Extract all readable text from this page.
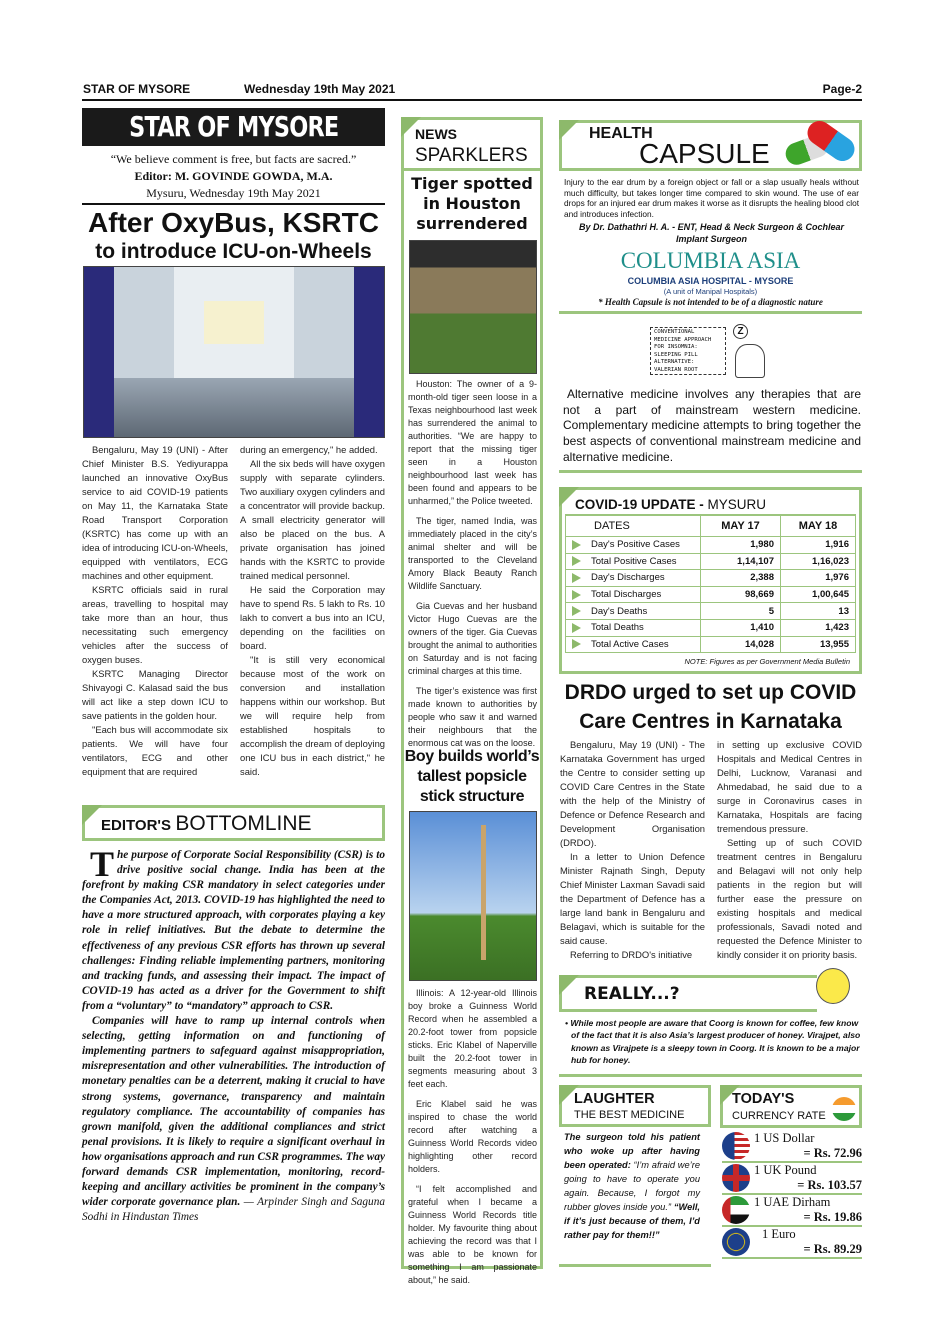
STAR OF MYSORE	Wednesday 19th May 2021	Page-2
STAR OF MYSORE
“We believe comment is free, but facts are sacred.”
Editor: M. GOVINDE GOWDA, M.A.
Mysuru, Wednesday 19th May 2021
After OxyBus, KSRTC
to introduce ICU-on-Wheels

Bengaluru, May 19 (UNI) - After Chief Minister B.S. Yediyurappa launched an innovative OxyBus service to aid COVID-19 patients on May 11, the Karnataka State Road Transport Corporation (KSRTC) has come up with an idea of introducing ICU-on-Wheels, equipped with ventilators, ECG machines and other equipment.

KSRTC officials said in rural areas, travelling to hospital may take more than an hour, thus necessitating such emergency vehicles after the success of oxygen buses.

KSRTC Managing Director Shivayogi C. Kalasad said the bus will act like a step down ICU to save patients in the golden hour.

"Each bus will accommodate six patients. We will have four ventilators, ECG and other equipment that are required

during an emergency," he added.

All the six beds will have oxygen supply with separate cylinders. Two auxiliary oxygen cylinders and a concentrator will provide backup. A small electricity generator will also be placed on the bus. A private organisation has joined hands with the KSRTC to provide trained medical personnel.

He said the Corporation may have to spend Rs. 5 lakh to Rs. 10 lakh to convert a bus into an ICU, depending on the facilities on board.

"It is still very economical because most of the work on conversion and installation happens within our workshop. But we will require help from established hospitals to accomplish the dream of deploying one ICU bus in each district," he said.

EDITOR'S BOTTOMLINE

The purpose of Corporate Social Responsibility (CSR) is to drive positive social change. India has been at the forefront by making CSR mandatory in select categories under the Companies Act, 2013. COVID-19 has highlighted the need to have a more structured approach, with corporates playing a key role in relief initiatives. But the debate to determine the effectiveness of any previous CSR efforts has thrown up several challenges: Finding reliable implementing partners, monitoring and tracking funds, and assessing their impact. The impact of COVID-19 has acted as a driver for the Government to shift from a “voluntary” to “mandatory” approach to CSR.

Companies will have to ramp up internal controls when selecting, getting information on and functioning of implementing partners to safeguard against misappropriation, misrepresentation and other vulnerabilities. The introduction of monetary penalties can be a deterrent, making it crucial to have strong systems, governance, transparency and maintain regulatory compliance. The accountability of companies has grown manifold, given the additional compliances and strict penal provisions. It is likely to require a significant overhaul in how organisations approach and run CSR programmes. The way forward demands CSR implementation, monitoring, record-keeping and ancillary activities be prominent in the company’s wider corporate governance plan. — Arpinder Singh and Saguna Sodhi in Hindustan Times

NEWS
SPARKLERS
Tiger spotted in Houston surrendered

Houston: The owner of a 9-month-old tiger seen loose in a Texas neighbourhood last week has surrendered the animal to authorities. “We are happy to report that the missing tiger seen in a Houston neighbourhood last week has been found and appears to be unharmed,” the Police tweeted.

The tiger, named India, was immediately placed in the city’s animal shelter and will be transported to the Cleveland Amory Black Beauty Ranch Wildlife Sanctuary.

Gia Cuevas and her husband Victor Hugo Cuevas are the owners of the tiger. Gia Cuevas brought the animal to authorities on Saturday and is not facing criminal charges at this time.

The tiger’s existence was first made known to authorities by people who saw it and warned their neighbours that the enormous cat was on the loose.

Boy builds world’s tallest popsicle stick structure

Illinois: A 12-year-old Illinois boy broke a Guinness World Record when he assembled a 20.2-foot tower from popsicle sticks. Eric Klabel of Naperville built the 20.2-foot tower in segments measuring about 3 feet each.

Eric Klabel said he was inspired to chase the world record after watching a Guinness World Records video highlighting other record holders.

“I felt accomplished and grateful when I became a Guinness World Records title holder. My favourite thing about achieving the record was that I was able to be known for something I am passionate about,” he said.

HEALTH
CAPSULE
Injury to the ear drum by a foreign object or fall or a slap usually heals without much difficulty, but takes longer time compared to skin wound. The use of ear drops for an injured ear drum makes it worse as it disrupts the healing blood clot and introduces infection.
By Dr. Dathathri H. A. - ENT, Head & Neck Surgeon & Cochlear Implant Surgeon
COLUMBIA ASIA
COLUMBIA ASIA HOSPITAL - MYSORE
(A unit of Manipal Hospitals)
* Health Capsule is not intended to be of a diagnostic nature
CONVENTIONAL
MEDICINE APPROACH
FOR INSOMNIA:
SLEEPING PILL
ALTERNATIVE:
VALERIAN ROOT
Z
Alternative medicine involves any therapies that are not a part of mainstream western medicine. Complementary medicine attempts to bring together the best aspects of conventional mainstream medicine and alternative medicine.
COVID-19 UPDATE - MYSURU
DATES	MAY 17	MAY 18
Day's Positive Cases	1,980	1,916
Total Positive Cases	1,14,107	1,16,023
Day's Discharges	2,388	1,976
Total Discharges	98,669	1,00,645
Day's Deaths	5	13
Total Deaths	1,410	1,423
Total Active Cases	14,028	13,955
NOTE: Figures as per Government Media Bulletin
DRDO urged to set up COVID Care Centres in Karnataka

Bengaluru, May 19 (UNI) - The Karnataka Government has urged the Centre to consider setting up COVID Care Centres in the State with the help of the Ministry of Defence or Defence Research and Development Organisation (DRDO).

In a letter to Union Defence Minister Rajnath Singh, Deputy Chief Minister Laxman Savadi said the Department of Defence has a large land bank in Bengaluru and Belagavi, which is suitable for the said cause.

Referring to DRDO's initiative

in setting up exclusive COVID Hospitals and Medical Centres in Delhi, Lucknow, Varanasi and Ahmedabad, he said due to a surge in Coronavirus cases in Karnataka, Hospitals are facing tremendous pressure.

Setting up of such COVID treatment centres in Bengaluru and Belagavi will not only help patients in the region but will further ease the pressure on existing hospitals and medical professionals, Savadi noted and requested the Defence Minister to kindly consider it on priority basis.

REALLY...?
• While most people are aware that Coorg is known for coffee, few know of the fact that it is also Asia’s largest producer of honey. Virajpet, also known as Virajpete is a sleepy town in Coorg. It is known to be a major hub for honey.
LAUGHTER
THE BEST MEDICINE
The surgeon told his patient who woke up after having been operated: “I’m afraid we’re going to have to operate you again. Because, I forgot my rubber gloves inside you.” “Well, if it’s just because of them, I’d rather pay for them!!”
TODAY'S
CURRENCY RATE
1 US Dollar
= Rs. 72.96
1 UK Pound
= Rs. 103.57
1 UAE Dirham
= Rs. 19.86
1 Euro
= Rs. 89.29
